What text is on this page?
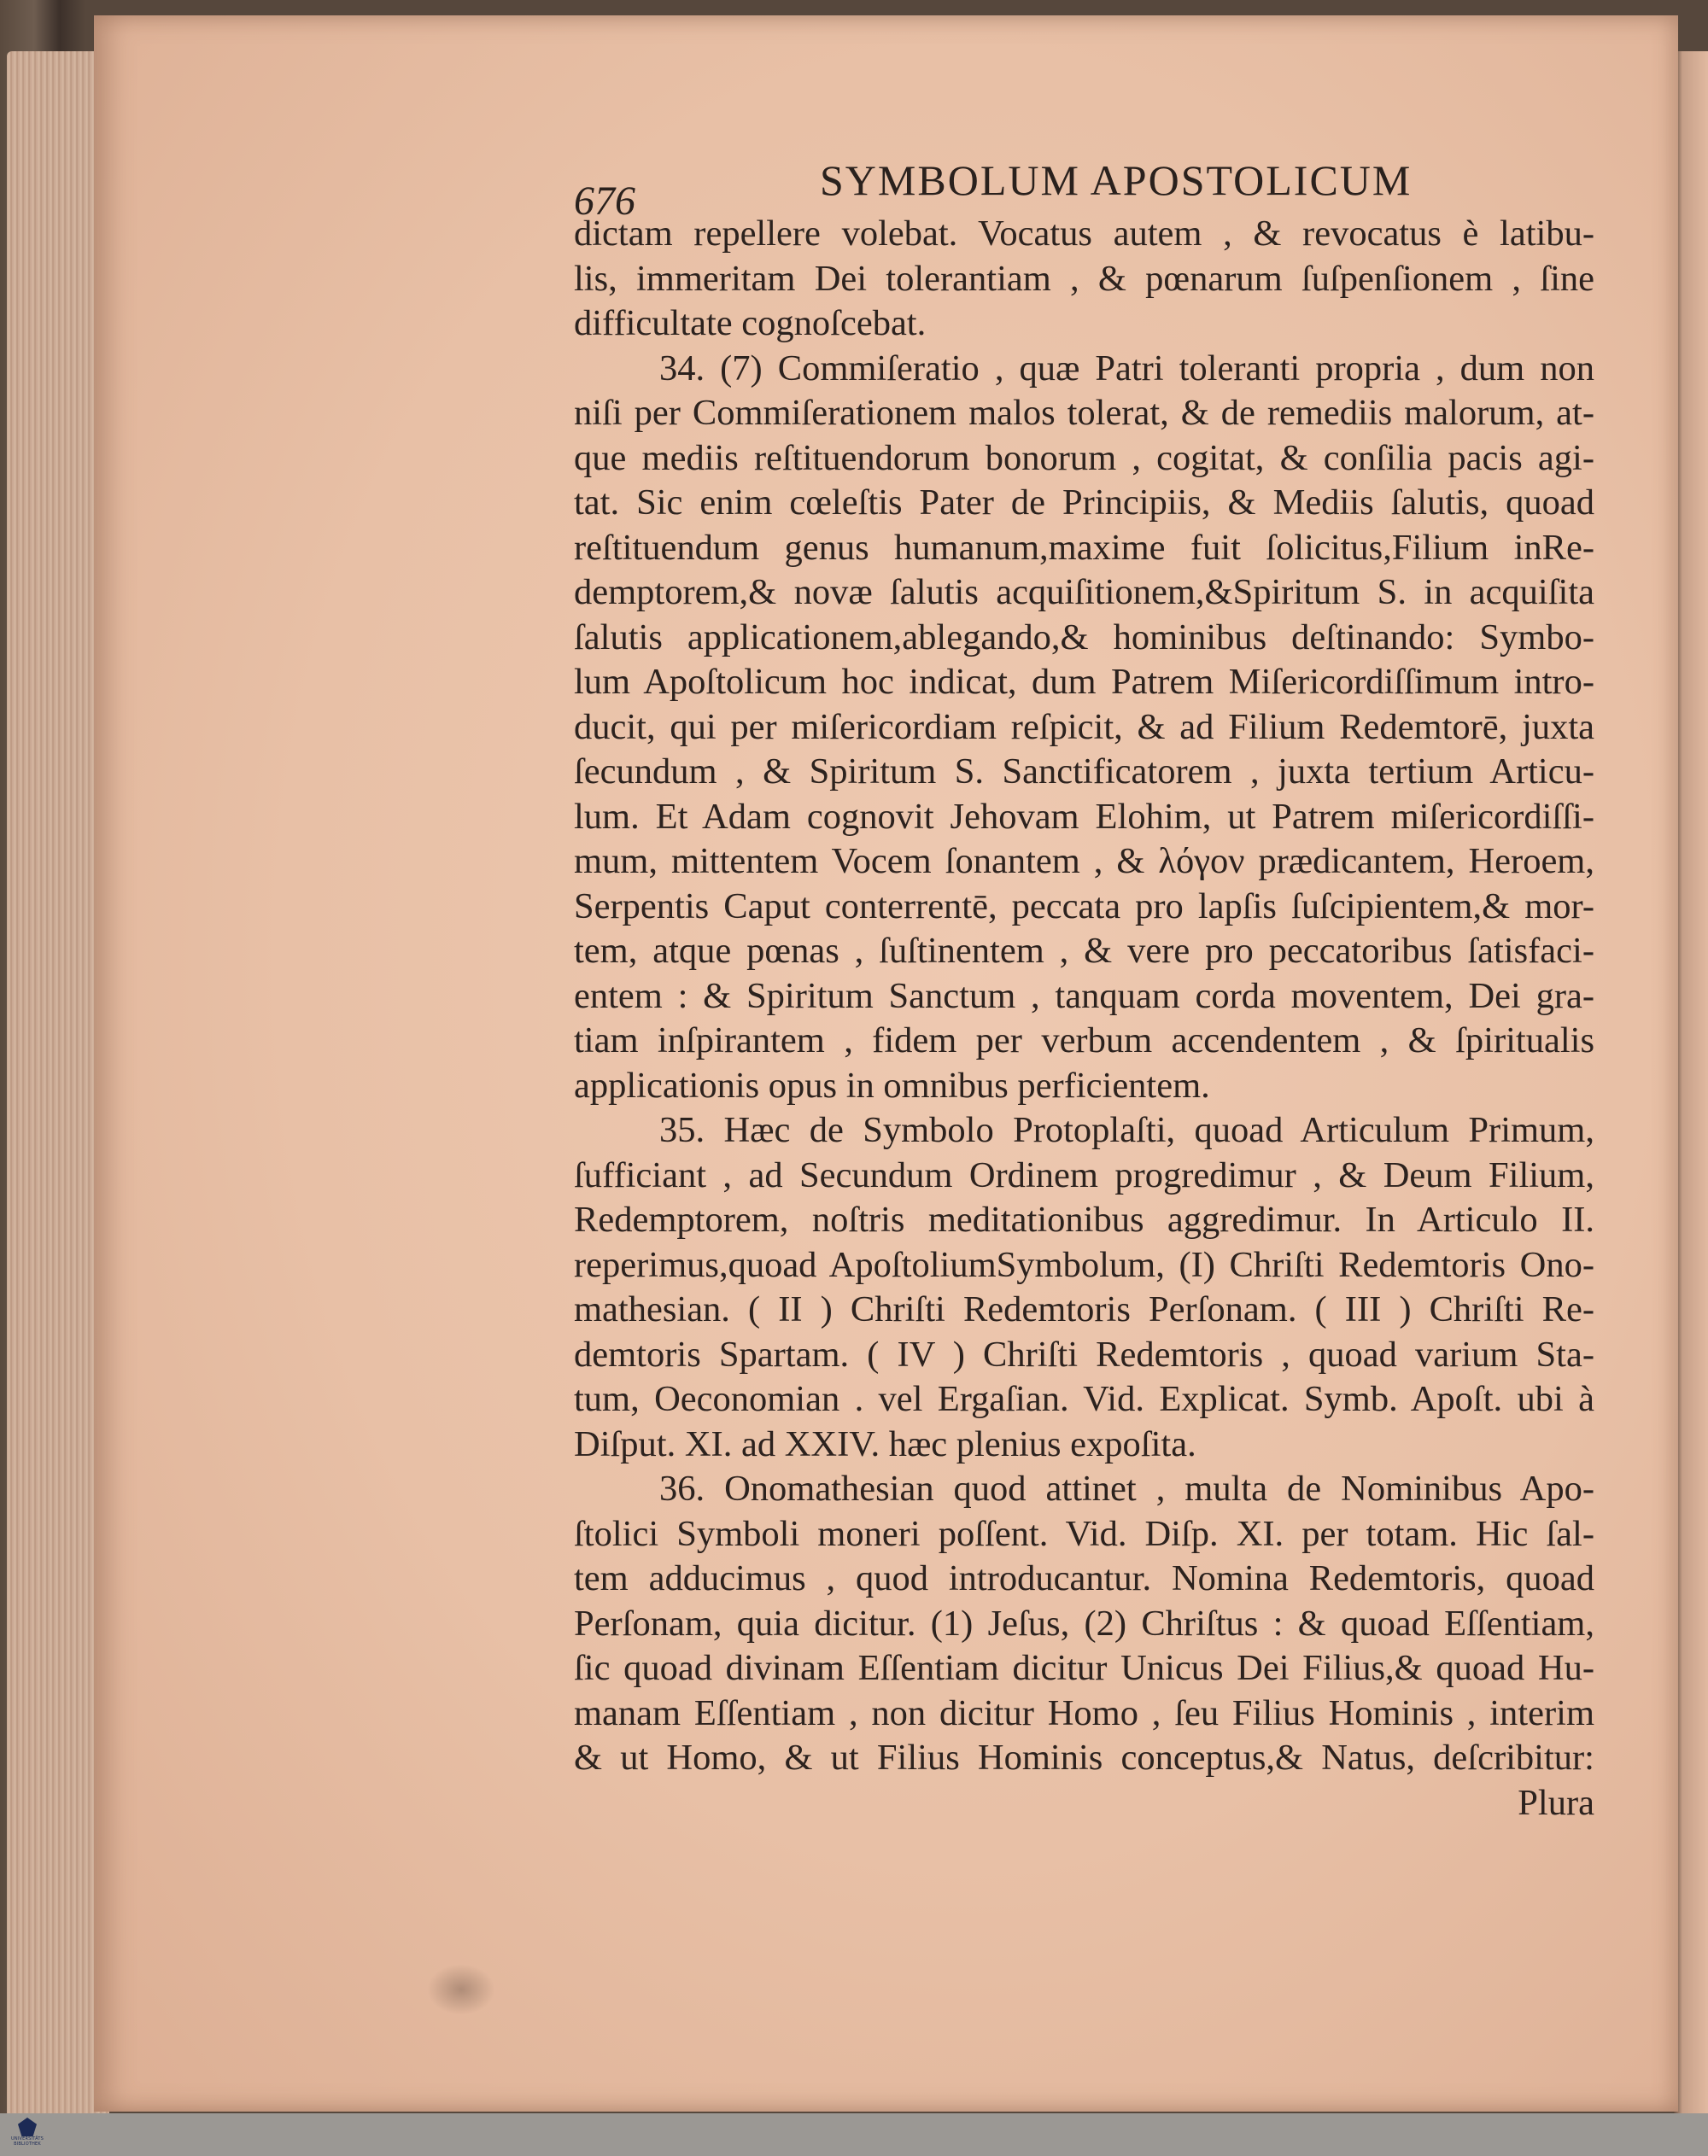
676	SYMBOLUM APOSTOLICUM
dictam repellere volebat. Vocatus autem , & revocatus è latibu-
lis, immeritam Dei tolerantiam , & pœnarum ſuſpenſionem , ſine
difficultate cognoſcebat.
34. (7) Commiſeratio , quæ Patri toleranti propria , dum non
niſi per Commiſerationem malos tolerat, & de remediis malorum, at-
que mediis reſtituendorum bonorum , cogitat, & conſilia pacis agi-
tat. Sic enim cœleſtis Pater de Principiis, & Mediis ſalutis, quoad
reſtituendum genus humanum,maxime fuit ſolicitus,Filium inRe-
demptorem,& novæ ſalutis acquiſitionem,&Spiritum S. in acquiſita
ſalutis applicationem,ablegando,& hominibus deſtinando: Symbo-
lum Apoſtolicum hoc indicat, dum Patrem Miſericordiſſimum intro-
ducit, qui per miſericordiam reſpicit, & ad Filium Redemtorē, juxta
ſecundum , & Spiritum S. Sanctificatorem , juxta tertium Articu-
lum. Et Adam cognovit Jehovam Elohim, ut Patrem miſericordiſſi-
mum, mittentem Vocem ſonantem , & λόγον prædicantem, Heroem,
Serpentis Caput conterrentē, peccata pro lapſis ſuſcipientem,& mor-
tem, atque pœnas , ſuſtinentem , & vere pro peccatoribus ſatisfaci-
entem : & Spiritum Sanctum , tanquam corda moventem, Dei gra-
tiam inſpirantem , fidem per verbum accendentem , & ſpiritualis
applicationis opus in omnibus perficientem.
35. Hæc de Symbolo Protoplaſti, quoad Articulum Primum,
ſufficiant , ad Secundum Ordinem progredimur , & Deum Filium,
Redemptorem, noſtris meditationibus aggredimur. In Articulo II.
reperimus,quoad ApoſtoliumSymbolum, (I) Chriſti Redemtoris Ono-
mathesian. ( II ) Chriſti Redemtoris Perſonam. ( III ) Chriſti Re-
demtoris Spartam. ( IV ) Chriſti Redemtoris , quoad varium Sta-
tum, Oeconomian . vel Ergaſian. Vid. Explicat. Symb. Apoſt. ubi à
Diſput. XI. ad XXIV. hæc plenius expoſita.
36. Onomathesian quod attinet , multa de Nominibus Apo-
ſtolici Symboli moneri poſſent. Vid. Diſp. XI. per totam. Hic ſal-
tem adducimus , quod introducantur. Nomina Redemtoris, quoad
Perſonam, quia dicitur. (1) Jeſus, (2) Chriſtus : & quoad Eſſentiam,
ſic quoad divinam Eſſentiam dicitur Unicus Dei Filius,& quoad Hu-
manam Eſſentiam , non dicitur Homo , ſeu Filius Hominis , interim
& ut Homo, & ut Filius Hominis conceptus,& Natus, deſcribitur:
Plura
UNIVERSITÄTS BIBLIOTHEK
